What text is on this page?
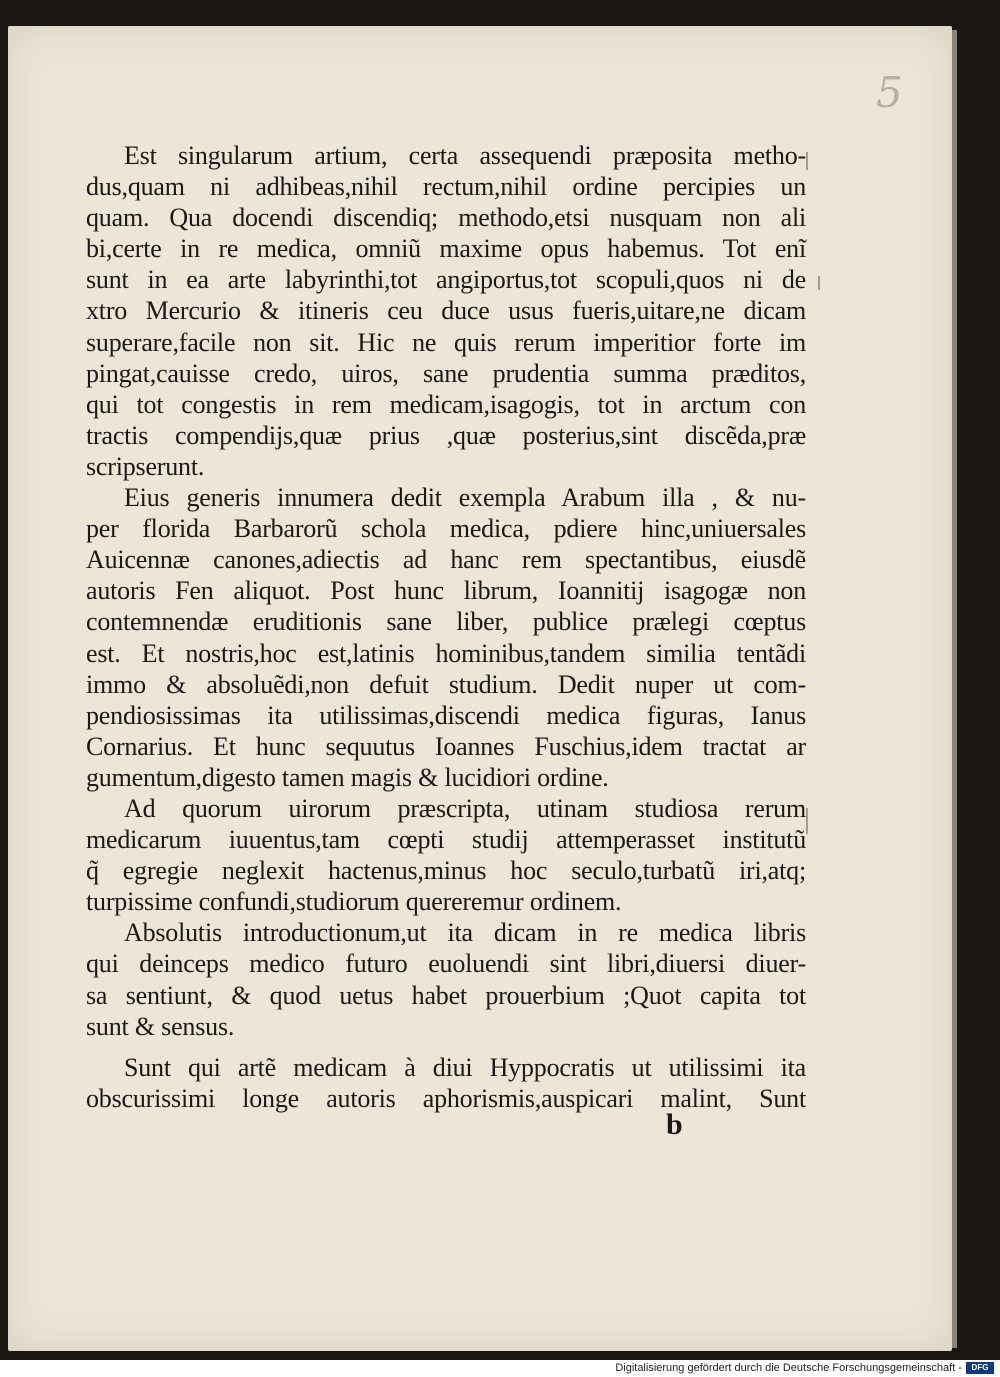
5
Est singularum artium, certa assequendi præposita metho-
dus,quam ni adhibeas,nihil rectum,nihil ordine percipies un
quam. Qua docendi discendiq; methodo,etsi nusquam non ali
bi,certe in re medica, omniũ maxime opus habemus. Tot enĩ
sunt in ea arte labyrinthi,tot angiportus,tot scopuli,quos ni de
xtro Mercurio & itineris ceu duce usus fueris,uitare,ne dicam
superare,facile non sit. Hic ne quis rerum imperitior forte im
pingat,cauisse credo, uiros, sane prudentia summa præditos,
qui tot congestis in rem medicam,isagogis, tot in arctum con
tractis compendijs,quæ prius ,quæ posterius,sint discẽda,præ
scripserunt.
Eius generis innumera dedit exempla Arabum illa , & nu-
per florida Barbarorũ schola medica, pdiere hinc,uniuersales
Auicennæ canones,adiectis ad hanc rem spectantibus, eiusdẽ
autoris Fen aliquot. Post hunc librum, Ioannitij isagogæ non
contemnendæ eruditionis sane liber, publice prælegi cœptus
est. Et nostris,hoc est,latinis hominibus,tandem similia tentãdi
immo & absoluẽdi,non defuit studium. Dedit nuper ut com-
pendiosissimas ita utilissimas,discendi medica figuras, Ianus
Cornarius. Et hunc sequutus Ioannes Fuschius,idem tractat ar
gumentum,digesto tamen magis & lucidiori ordine.
Ad quorum uirorum præscripta, utinam studiosa rerum
medicarum iuuentus,tam cœpti studij attemperasset institutũ
q̃ egregie neglexit hactenus,minus hoc seculo,turbatũ iri,atq;
turpissime confundi,studiorum quereremur ordinem.
Absolutis introductionum,ut ita dicam in re medica libris
qui deinceps medico futuro euoluendi sint libri,diuersi diuer-
sa sentiunt, & quod uetus habet prouerbium ;Quot capita tot
sunt & sensus.
Sunt qui artẽ medicam à diui Hyppocratis ut utilissimi ita
obscurissimi longe autoris aphorismis,auspicari malint, Sunt
b
Digitalisierung gefördert durch die Deutsche Forschungsgemeinschaft -	DFG
